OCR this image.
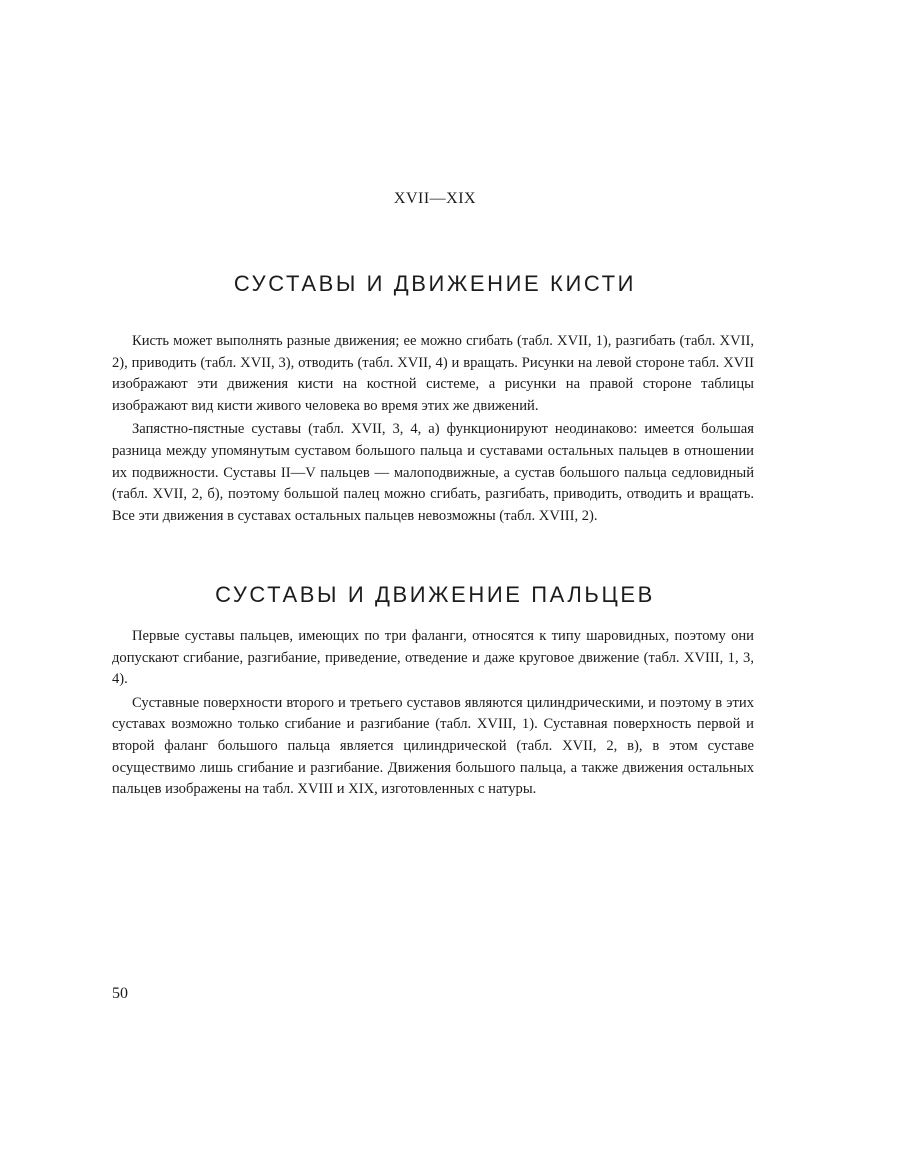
XVII—XIX
СУСТАВЫ И ДВИЖЕНИЕ КИСТИ

Кисть может выполнять разные движения; ее можно сгибать (табл. XVII, 1), разгибать (табл. XVII, 2), приводить (табл. XVII, 3), отводить (табл. XVII, 4) и вращать. Рисунки на левой стороне табл. XVII изображают эти движения кисти на костной системе, а рисунки на правой стороне таблицы изображают вид кисти живого человека во время этих же движений.

Запястно-пястные суставы (табл. XVII, 3, 4, а) функционируют неодинаково: имеется большая разница между упомянутым суставом большого пальца и суставами остальных пальцев в отношении их подвижности. Суставы II—V пальцев — малоподвижные, а сустав большого пальца седловидный (табл. XVII, 2, б), поэтому большой палец можно сгибать, разгибать, приводить, отводить и вращать. Все эти движения в суставах остальных пальцев невозможны (табл. XVIII, 2).

СУСТАВЫ И ДВИЖЕНИЕ ПАЛЬЦЕВ

Первые суставы пальцев, имеющих по три фаланги, относятся к типу шаровидных, поэтому они допускают сгибание, разгибание, приведение, отведение и даже круговое движение (табл. XVIII, 1, 3, 4).

Суставные поверхности второго и третьего суставов являются цилиндрическими, и поэтому в этих суставах возможно только сгибание и разгибание (табл. XVIII, 1). Суставная поверхность первой и второй фаланг большого пальца является цилиндрической (табл. XVII, 2, в), в этом суставе осуществимо лишь сгибание и разгибание. Движения большого пальца, а также движения остальных пальцев изображены на табл. XVIII и XIX, изготовленных с натуры.

50
